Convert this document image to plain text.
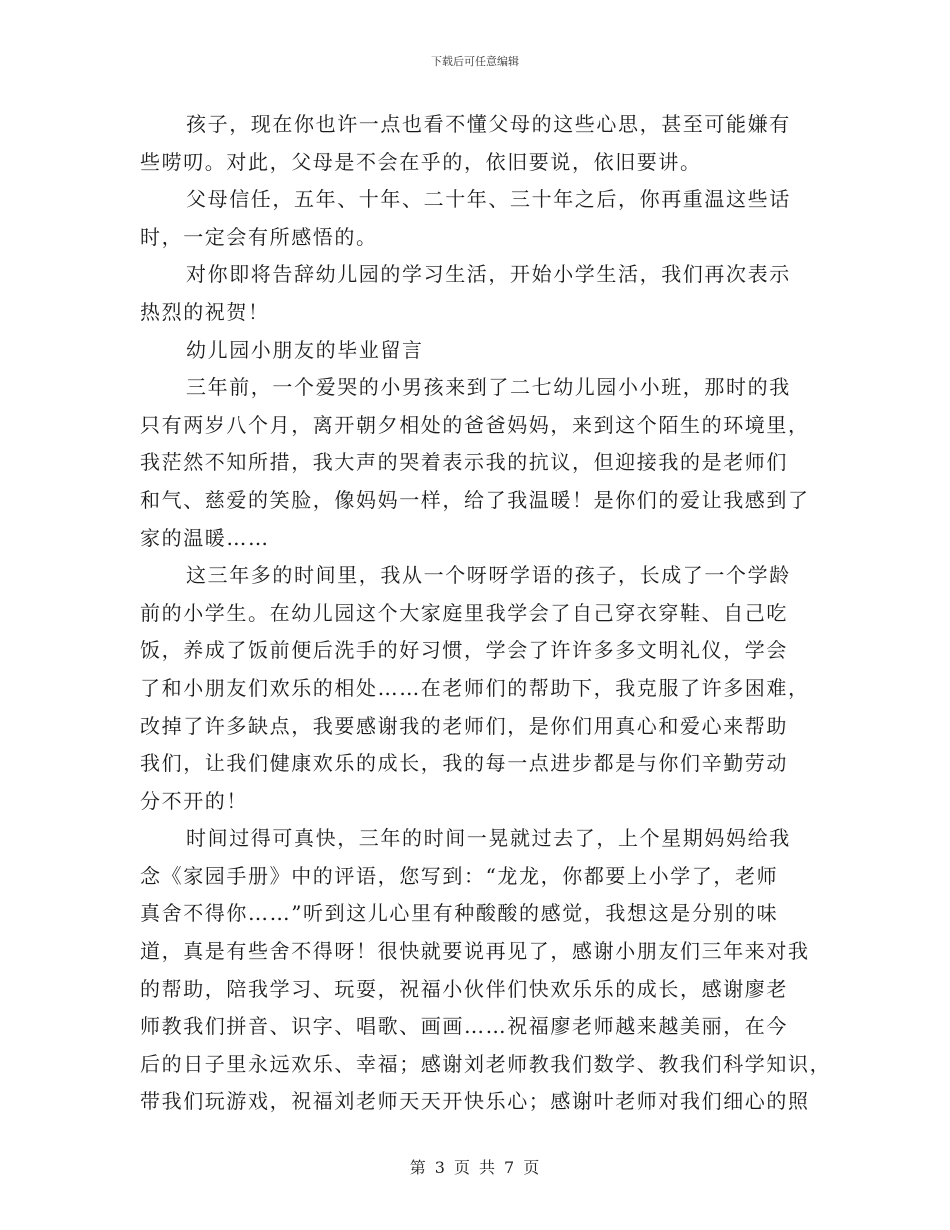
下载后可任意编辑
孩子，现在你也许一点也看不懂父母的这些心思，甚至可能嫌有
些唠叨。对此，父母是不会在乎的，依旧要说，依旧要讲。
父母信任，五年、十年、二十年、三十年之后，你再重温这些话
时，一定会有所感悟的。
对你即将告辞幼儿园的学习生活，开始小学生活，我们再次表示
热烈的祝贺！
幼儿园小朋友的毕业留言
三年前，一个爱哭的小男孩来到了二七幼儿园小小班，那时的我
只有两岁八个月，离开朝夕相处的爸爸妈妈，来到这个陌生的环境里，
我茫然不知所措，我大声的哭着表示我的抗议，但迎接我的是老师们
和气、慈爱的笑脸，像妈妈一样，给了我温暖！是你们的爱让我感到了
家的温暖……
这三年多的时间里，我从一个呀呀学语的孩子，长成了一个学龄
前的小学生。在幼儿园这个大家庭里我学会了自己穿衣穿鞋、自己吃
饭，养成了饭前便后洗手的好习惯，学会了许许多多文明礼仪，学会
了和小朋友们欢乐的相处……在老师们的帮助下，我克服了许多困难，
改掉了许多缺点，我要感谢我的老师们，是你们用真心和爱心来帮助
我们，让我们健康欢乐的成长，我的每一点进步都是与你们辛勤劳动
分不开的！
时间过得可真快，三年的时间一晃就过去了，上个星期妈妈给我
念《家园手册》中的评语，您写到：“龙龙，你都要上小学了，老师
真舍不得你……”听到这儿心里有种酸酸的感觉，我想这是分别的味
道，真是有些舍不得呀！很快就要说再见了，感谢小朋友们三年来对我
的帮助，陪我学习、玩耍，祝福小伙伴们快欢乐乐的成长，感谢廖老
师教我们拼音、识字、唱歌、画画……祝福廖老师越来越美丽，在今
后的日子里永远欢乐、幸福；感谢刘老师教我们数学、教我们科学知识，
带我们玩游戏，祝福刘老师天天开快乐心；感谢叶老师对我们细心的照
第 3 页 共 7 页
